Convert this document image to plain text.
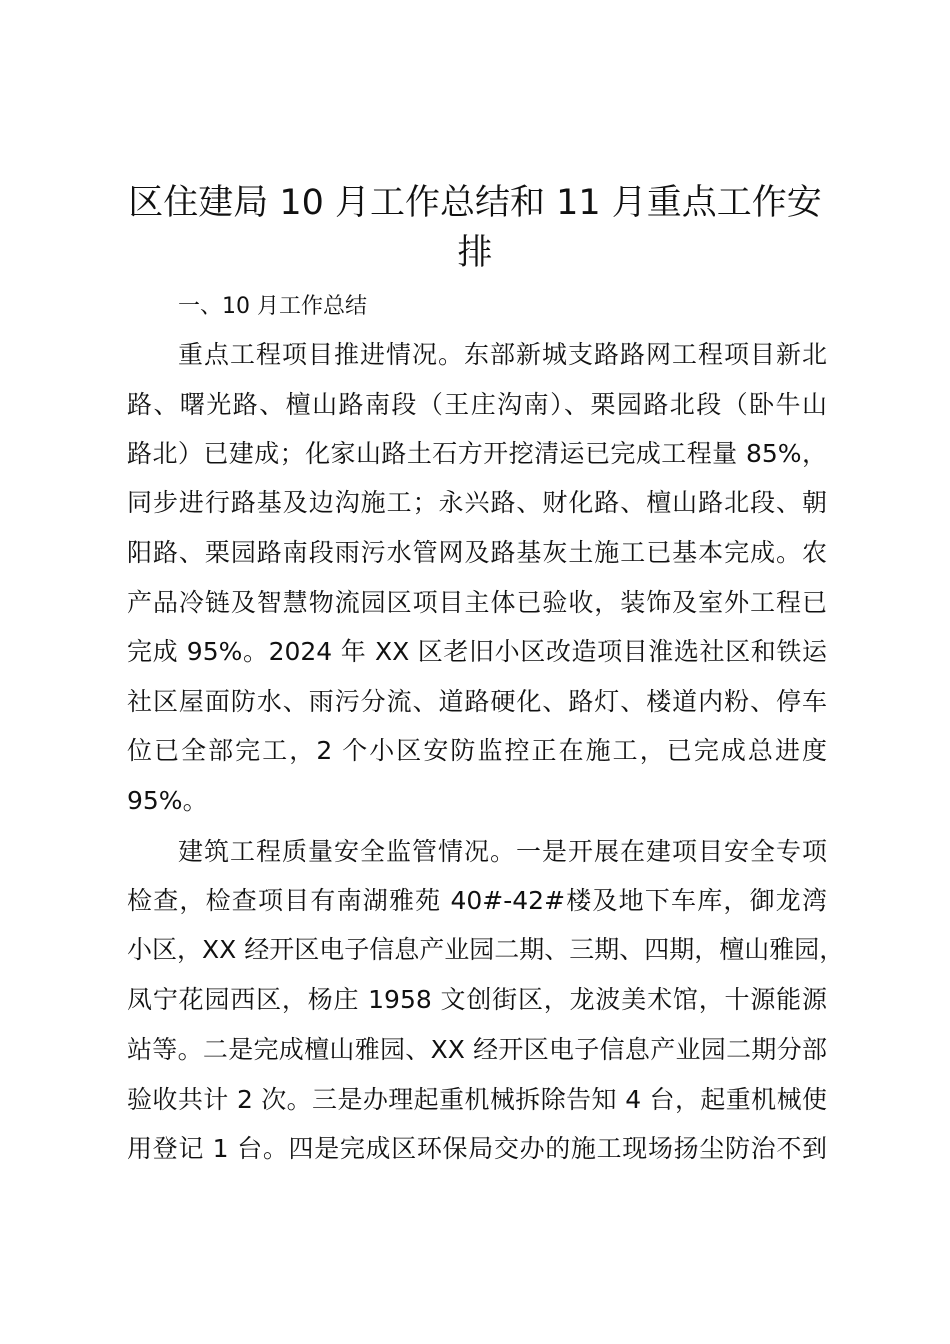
区住建局 10 月工作总结和 11 月重点工作安
排

一、10 月工作总结

重点工程项目推进情况。东部新城支路路网工程项目新北

路、曙光路、檀山路南段（王庄沟南）、栗园路北段（卧牛山

路北）已建成；化家山路土石方开挖清运已完成工程量 85%，

同步进行路基及边沟施工；永兴路、财化路、檀山路北段、朝

阳路、栗园路南段雨污水管网及路基灰土施工已基本完成。农

产品冷链及智慧物流园区项目主体已验收，装饰及室外工程已

完成 95%。2024 年 XX 区老旧小区改造项目淮选社区和铁运

社区屋面防水、雨污分流、道路硬化、路灯、楼道内粉、停车

位已全部完工，2 个小区安防监控正在施工，已完成总进度

95%。

建筑工程质量安全监管情况。一是开展在建项目安全专项

检查，检查项目有南湖雅苑 40#-42#楼及地下车库，御龙湾

小区，XX 经开区电子信息产业园二期、三期、四期，檀山雅园，

凤宁花园西区，杨庄 1958 文创街区，龙波美术馆，十源能源

站等。二是完成檀山雅园、XX 经开区电子信息产业园二期分部

验收共计 2 次。三是办理起重机械拆除告知 4 台，起重机械使

用登记 1 台。四是完成区环保局交办的施工现场扬尘防治不到
